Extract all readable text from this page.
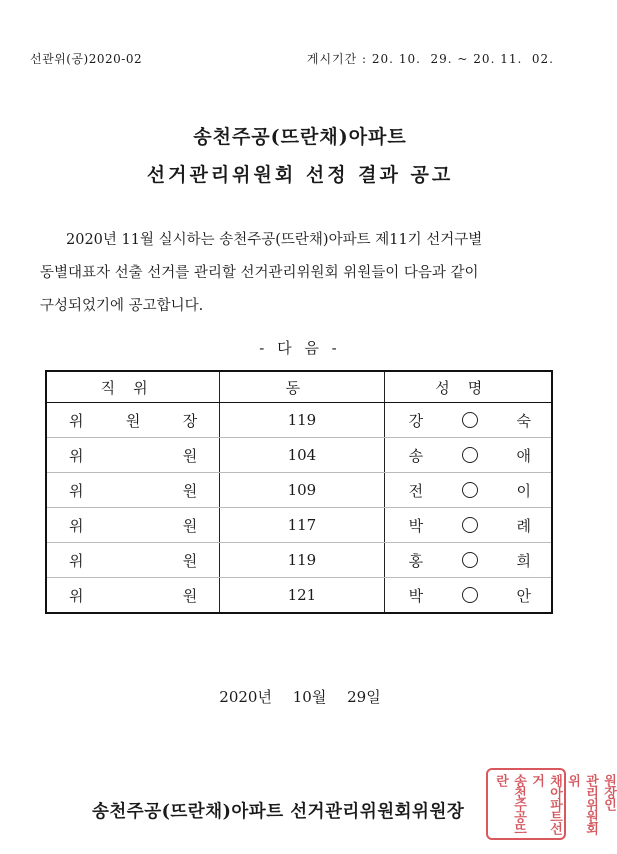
선관위(공)2020-02	게시기간 : 20. 10.  29. ~ 20. 11.  02.
송천주공(뜨란채)아파트
선거관리위원회 선정 결과 공고
2020년 11월 실시하는 송천주공(뜨란채)아파트 제11기 선거구별
동별대표자 선출 선거를 관리할 선거관리위원회 위원들이 다음과 같이
구성되었기에 공고합니다.
- 다 음 -
직위	동	성명

위 원 장	119	강 숙

위 원	104	송 애

위 원	109	전 이

위 원	117	박 례

위 원	119	홍 희

위 원	121	박 안
2020년 10월 29일
송천주공(뜨란채)아파트 선거관리위원회위원장	송천주공뜨란	채아파트선거	관리위원회위	원장인
